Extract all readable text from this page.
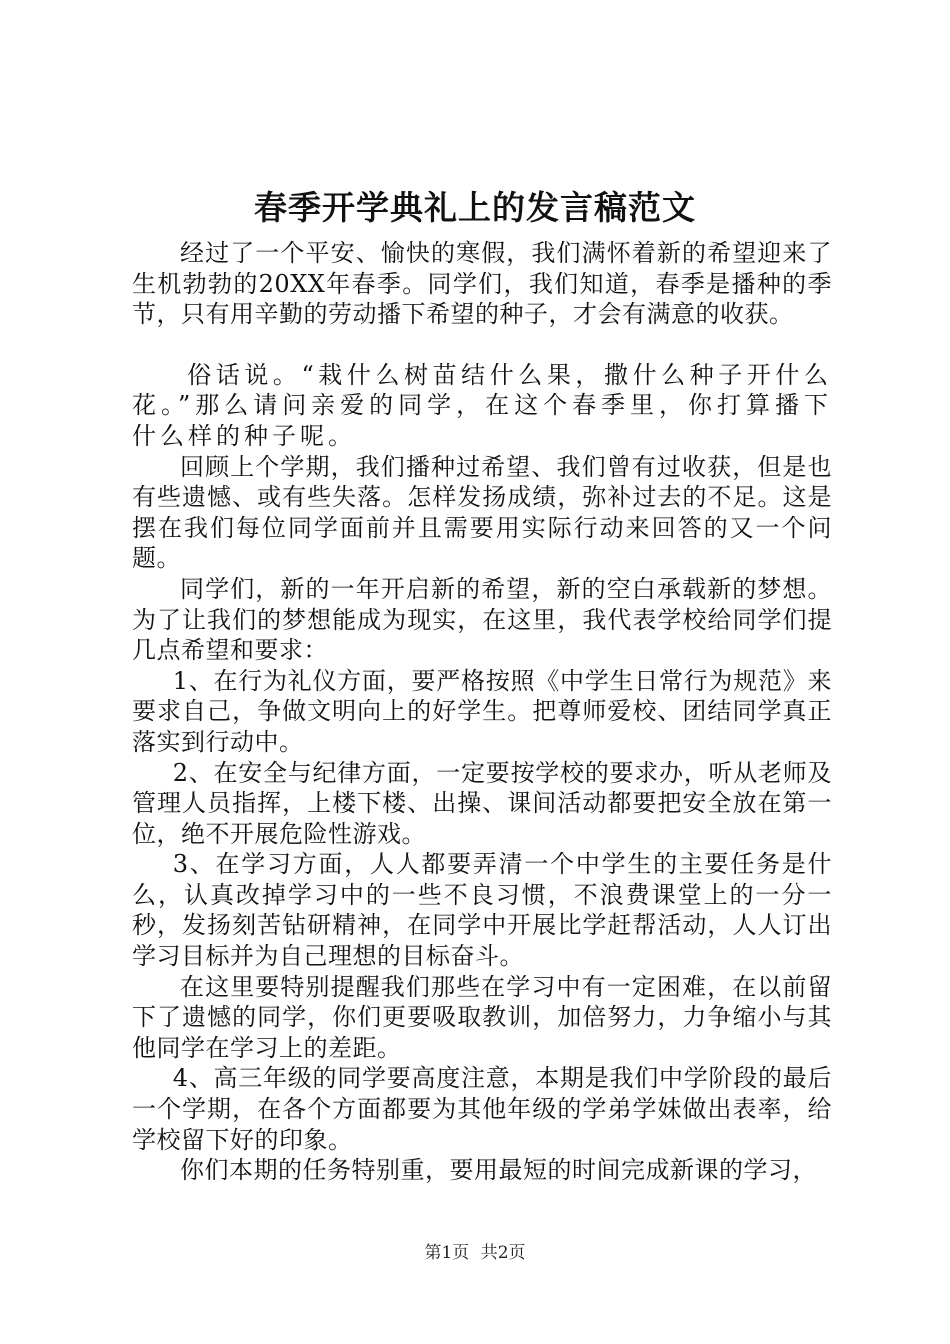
春季开学典礼上的发言稿范文

经过了一个平安、愉快的寒假，我们满怀着新的希望迎来了生机勃勃的20XX年春季。同学们，我们知道，春季是播种的季节，只有用辛勤的劳动播下希望的种子，才会有满意的收获。

俗话说。“栽什么树苗结什么果，撒什么种子开什么花。”那么请问亲爱的同学，在这个春季里，你打算播下什么样的种子呢。

回顾上个学期，我们播种过希望、我们曾有过收获，但是也有些遗憾、或有些失落。怎样发扬成绩，弥补过去的不足。这是摆在我们每位同学面前并且需要用实际行动来回答的又一个问题。

同学们，新的一年开启新的希望，新的空白承载新的梦想。为了让我们的梦想能成为现实，在这里，我代表学校给同学们提几点希望和要求：

1、在行为礼仪方面，要严格按照《中学生日常行为规范》来要求自己，争做文明向上的好学生。把尊师爱校、团结同学真正落实到行动中。

2、在安全与纪律方面，一定要按学校的要求办，听从老师及管理人员指挥，上楼下楼、出操、课间活动都要把安全放在第一位，绝不开展危险性游戏。

3、在学习方面，人人都要弄清一个中学生的主要任务是什么，认真改掉学习中的一些不良习惯，不浪费课堂上的一分一秒，发扬刻苦钻研精神，在同学中开展比学赶帮活动，人人订出学习目标并为自己理想的目标奋斗。

在这里要特别提醒我们那些在学习中有一定困难，在以前留下了遗憾的同学，你们更要吸取教训，加倍努力，力争缩小与其他同学在学习上的差距。

4、高三年级的同学要高度注意，本期是我们中学阶段的最后一个学期，在各个方面都要为其他年级的学弟学妹做出表率，给学校留下好的印象。

你们本期的任务特别重，要用最短的时间完成新课的学习，

第1页 共2页
